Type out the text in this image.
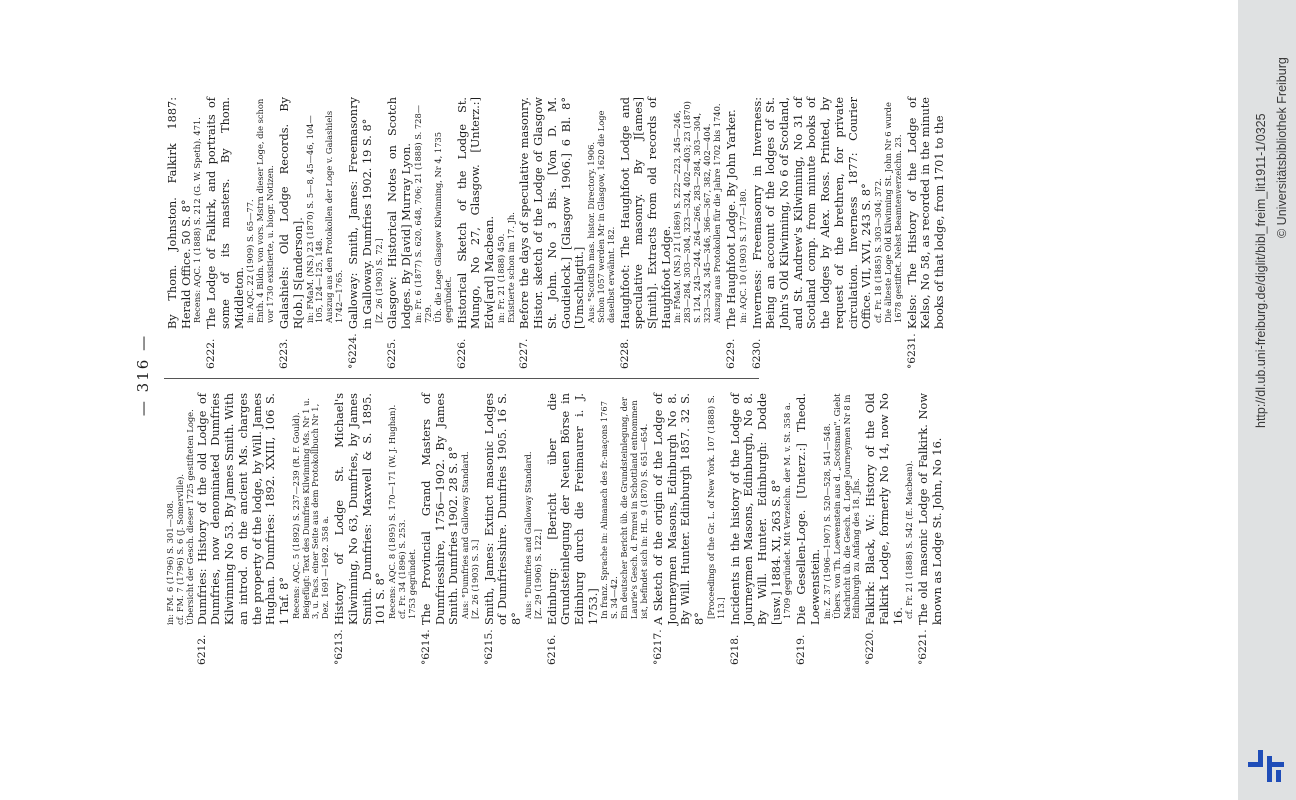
— 316 —
in: FM. 6 (1796) S. 301—308. cf. FM. 7 (1796) S. 6 (J. Somerville). Übersicht der Gesch. dieser 1725 gestifteten Loge.
6212.
Dumfries: History of the old Lodge of Dumfries, now denominated Dumfries Kilwinning No 53. By James Smith. With an introd. on the ancient Ms. charges the property of the lodge, by Will. James Hughan. Dumfries: 1892. XXIII, 106 S. 1 Taf. 8° Recens: AQC. 5 (1892) S. 237—239 (R. F. Gould). Beigefügt: Text des Dumfries Kilwinning Ms. Nr 1 u. 3, u. Facs. einer Seite aus dem Protokollbuch Nr 1, Dez. 1691—1692. 358 a.
°6213.
History of Lodge St. Michael's Kilwinning, No 63, Dumfries, by James Smith. Dumfries: Maxwell & S. 1895. 101 S. 8° Recens: AQC. 8 (1895) S. 170—171 (W. J. Hughan). cf. Fr. 34 (1896) S. 253. 1753 gegründet.
°6214.
The Provincial Grand Masters of Dumfriesshire, 1756—1902. By James Smith. Dumfries 1902. 28 S. 8° Aus: °Dumfries and Galloway Standard. [Z. 26 (1903) S. 3.]
°6215.
Smith, James: Extinct masonic Lodges of Dumfriesshire. Dumfries 1905. 16 S. 8° Aus: °Dumfries and Galloway Standard. [Z. 29 (1906) S. 122.]
6216.
Edinburg: [Bericht über die Grundsteinlegung der Neuen Börse in Edinburg durch die Freimaurer i. J. 1753.] In franz. Sprache in: Almanach des fr.-maçons 1767 S. 34—42. Ein deutscher Bericht üb. die Grundsteinlegung, der Laurie's Gesch. d. Frmrei in Schottland entnommen ist, befindet sich in: HL. 9 (1870) S. 651—654.
°6217.
A Sketch of the origin of the Lodge of Journeymen Masons, Edinburgh No 8. By Will. Hunter. Edinburgh 1857. 32 S. 8° [Proceedings of the Gr. L. of New York. 107 (1888) S. 113.]
6218.
Incidents in the history of the Lodge of Journeymen Masons, Edinburgh, No 8. By Will. Hunter. Edinburgh: Dodde [usw.] 1884. XI, 263 S. 8° 1709 gegründet. Mit Verzeichn. der M. v. St. 358 a.
6219.
Die Gesellen-Loge. [Unterz.:] Theod. Loewenstein. in: Z. 37 (1906—1907) S. 520—528, 541—548. Übers. von Th. Loewenstein aus d. „Scotsman". Giebt Nachricht üb. die Gesch. d. Loge Journeymen Nr 8 in Edinburgh zu Anfang des 18. Jhs.
°6220.
Falkirk: Black, W.: History of the Old Falkirk Lodge, formerly No 14, now No 16. cf. Fr. 21 (1888) S. 542 (E. Macbean).
°6221.
The old masonic Lodge of Falkirk. Now known as Lodge St. John, No 16.
By Thom. Johnston. Falkirk 1887: Herald Office. 50 S. 8° Recens: AQC. 1 (1888) S. 212 (G. W. Speth). 471.
6222.
The Lodge of Falkirk, and portraits of some of its masters. By Thom. Middleton. in: AQC. 22 (1909) S. 65—77. Enth. 4 Bildn. von vors. Mstrn dieser Loge, die schon vor 1730 existierte, u. biogr. Notizen.
6223.
Galashiels: Old Lodge Records. By R[ob.] S[anderson]. in: FMaM. (NS.) 23 (1870) S. 5—8, 45—46, 104—105, 124—125, 148. Auszug aus den Protokollen der Loge v. Galashiels 1742—1765.
°6224.
Galloway: Smith, James: Freemasonry in Galloway. Dumfries 1902. 19 S. 8° [Z. 26 (1903) S. 72.]
6225.
Glasgow: Historical Notes on Scotch lodges. By D[avid] Murray Lyon. in: Fr. 6 (1877) S. 620, 648, 706; 21 (1888) S. 728—729. Üb. die Loge Glasgow Kilwinning, Nr 4, 1735 gegründet.
6226.
Historical Sketch of the Lodge St. Mungo, No 27, Glasgow. [Unterz.:] Edw[ard] Macbean. in: Fr. 21 (1888) 450. Existierte schon im 17. Jh.
6227.
Before the days of speculative masonry. Histor. sketch of the Lodge of Glasgow St. John. No 3 Bis. [Von D. M. Goudielock.] [Glasgow 1906.] 6 Bl. 8° [Umschlagtit.] Aus: °Scottish mas. histor. Directory. 1906. Schon 1057 werden Mr in Glasgow, 1620 die Loge daselbst erwähnt. 182.
6228.
Haughfoot: The Haughfoot Lodge and speculative masonry. By J[ames] S[mith]. Extracts from old records of Haughfoot Lodge. in: FMaM. (NS.) 21 (1869) S. 222—223, 245—246, 283—284, 303—304, 323—324, 402—403; 23 (1870) S. 124, 243—244, 264—266, 283—284, 303—304, 323—324, 345—346, 366—367, 382, 402—404. Auszug aus Protokollen für die Jahre 1702 bis 1740.
6229.
The Haughfoot Lodge. By John Yarker. in: AQC. 10 (1903) S. 177—180.
6230.
Inverness: Freemasonry in Inverness: Being an account of the lodges of St. John's Old Kilwinning, No 6 of Scotland, and St. Andrew's Kilwinning, No 31 of Scotland comp. from minute books of the lodges by Alex. Ross. Printed, by request of the brethren, for private circulation. Inverness 1877: Courier Office. VII, XVI, 243 S. 8° cf. Fr. 18 (1885) S. 303—304; 372. Die älteste Loge Old Kilwinning St. John Nr 6 wurde 1678 gestiftet. Nebst Beamtenverzeichn. 23.
°6231.
Kelso: The History of the Lodge of Kelso, No 58, as recorded in the minute books of that lodge, from 1701 to the	http://dl.ub.uni-freiburg.de/diglit/bibl_freim_lit1911-1/0325 © Universitätsbibliothek Freiburg
